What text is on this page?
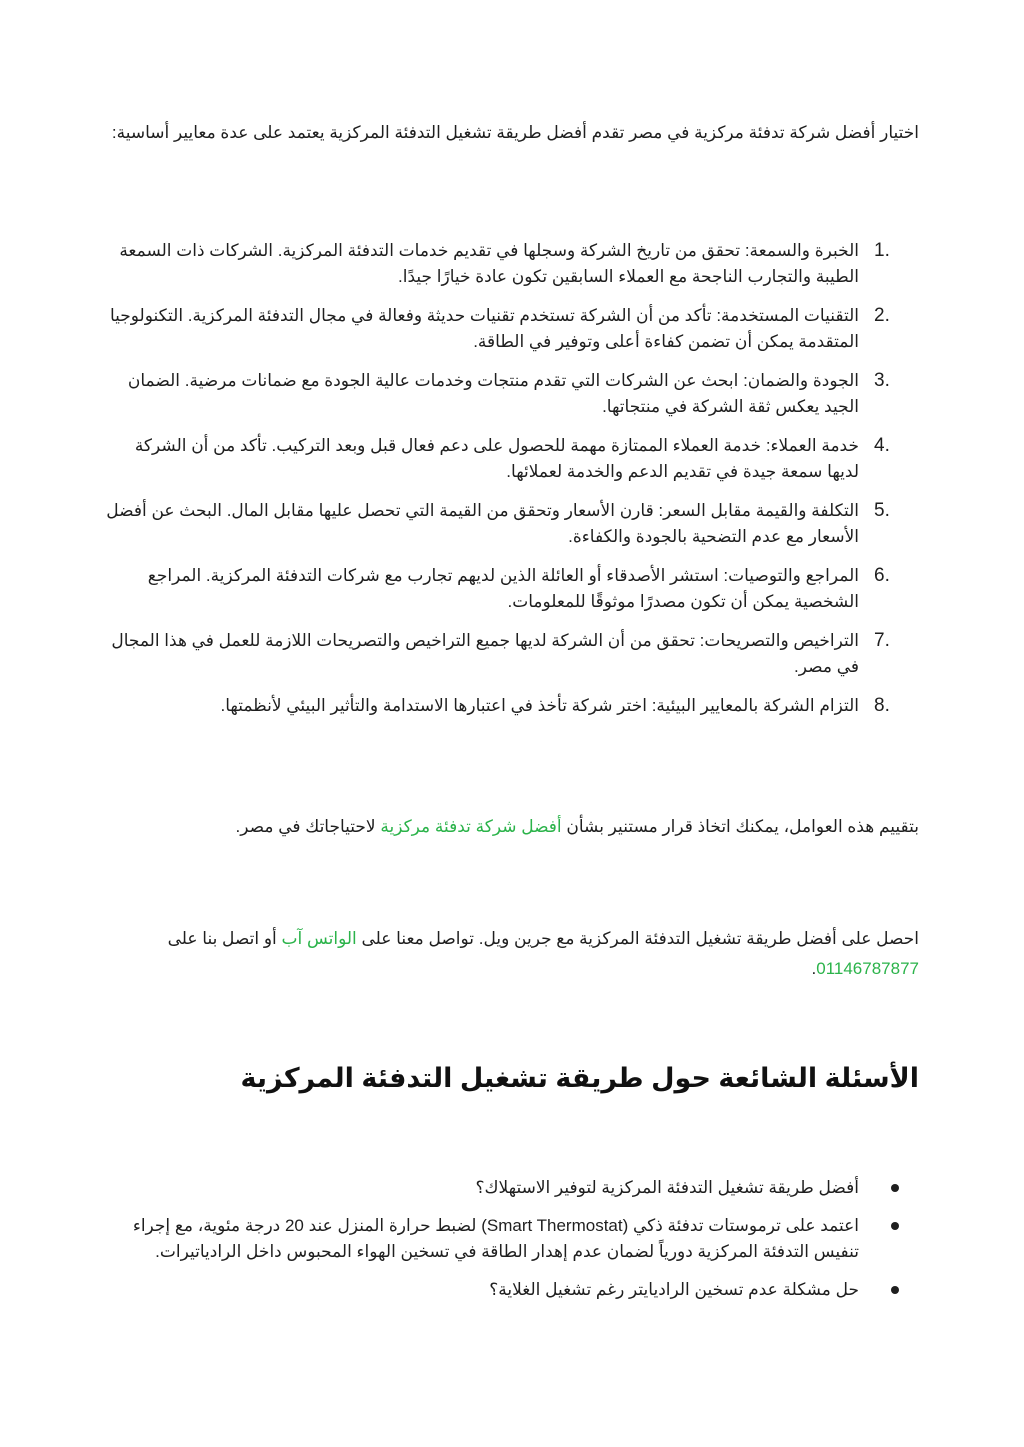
اختيار أفضل شركة تدفئة مركزية في مصر تقدم أفضل طريقة تشغيل التدفئة المركزية يعتمد على عدة معايير أساسية:

1.
الخبرة والسمعة: تحقق من تاريخ الشركة وسجلها في تقديم خدمات التدفئة المركزية. الشركات ذات السمعة الطيبة والتجارب الناجحة مع العملاء السابقين تكون عادة خيارًا جيدًا.
2.
التقنيات المستخدمة: تأكد من أن الشركة تستخدم تقنيات حديثة وفعالة في مجال التدفئة المركزية. التكنولوجيا المتقدمة يمكن أن تضمن كفاءة أعلى وتوفير في الطاقة.
3.
الجودة والضمان: ابحث عن الشركات التي تقدم منتجات وخدمات عالية الجودة مع ضمانات مرضية. الضمان الجيد يعكس ثقة الشركة في منتجاتها.
4.
خدمة العملاء: خدمة العملاء الممتازة مهمة للحصول على دعم فعال قبل وبعد التركيب. تأكد من أن الشركة لديها سمعة جيدة في تقديم الدعم والخدمة لعملائها.
5.
التكلفة والقيمة مقابل السعر: قارن الأسعار وتحقق من القيمة التي تحصل عليها مقابل المال. البحث عن أفضل الأسعار مع عدم التضحية بالجودة والكفاءة.
6.
المراجع والتوصيات: استشر الأصدقاء أو العائلة الذين لديهم تجارب مع شركات التدفئة المركزية. المراجع الشخصية يمكن أن تكون مصدرًا موثوقًا للمعلومات.
7.
التراخيص والتصريحات: تحقق من أن الشركة لديها جميع التراخيص والتصريحات اللازمة للعمل في هذا المجال في مصر.
8.
التزام الشركة بالمعايير البيئية: اختر شركة تأخذ في اعتبارها الاستدامة والتأثير البيئي لأنظمتها.

بتقييم هذه العوامل، يمكنك اتخاذ قرار مستنير بشأن أفضل شركة تدفئة مركزية لاحتياجاتك في مصر.

احصل على أفضل طريقة تشغيل التدفئة المركزية مع جرين ويل. تواصل معنا على الواتس آب أو اتصل بنا على 01146787877.

الأسئلة الشائعة حول طريقة تشغيل التدفئة المركزية
أفضل طريقة تشغيل التدفئة المركزية لتوفير الاستهلاك؟
اعتمد على ترموستات تدفئة ذكي (Smart Thermostat) لضبط حرارة المنزل عند 20 درجة مئوية، مع إجراء تنفيس التدفئة المركزية دورياً لضمان عدم إهدار الطاقة في تسخين الهواء المحبوس داخل الرادياتيرات.
حل مشكلة عدم تسخين الراديايتر رغم تشغيل الغلاية؟
